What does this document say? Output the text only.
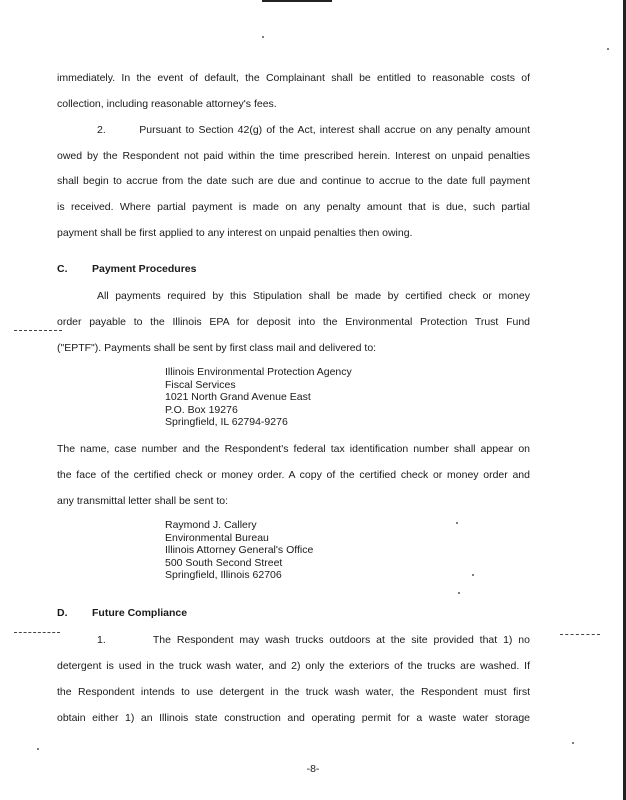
immediately. In the event of default, the Complainant shall be entitled to reasonable costs of
collection, including reasonable attorney's fees.
2.        Pursuant to Section 42(g) of the Act, interest shall accrue on any penalty amount
owed by the Respondent not paid within the time prescribed herein. Interest on unpaid penalties
shall begin to accrue from the date such are due and continue to accrue to the date full payment
is received. Where partial payment is made on any penalty amount that is due, such partial
payment shall be first applied to any interest on unpaid penalties then owing.
C. Payment Procedures
All payments required by this Stipulation shall be made by certified check or money
order payable to the Illinois EPA for deposit into the Environmental Protection Trust Fund
("EPTF"). Payments shall be sent by first class mail and delivered to:
Illinois Environmental Protection Agency
Fiscal Services
1021 North Grand Avenue East
P.O. Box 19276
Springfield, IL 62794-9276
The name, case number and the Respondent's federal tax identification number shall appear on
the face of the certified check or money order. A copy of the certified check or money order and
any transmittal letter shall be sent to:
Raymond J. Callery
Environmental Bureau
Illinois Attorney General's Office
500 South Second Street
Springfield, Illinois 62706
D. Future Compliance
1.        The Respondent may wash trucks outdoors at the site provided that 1) no
detergent is used in the truck wash water, and 2) only the exteriors of the trucks are washed. If
the Respondent intends to use detergent in the truck wash water, the Respondent must first
obtain either 1) an Illinois state construction and operating permit for a waste water storage
-8-
